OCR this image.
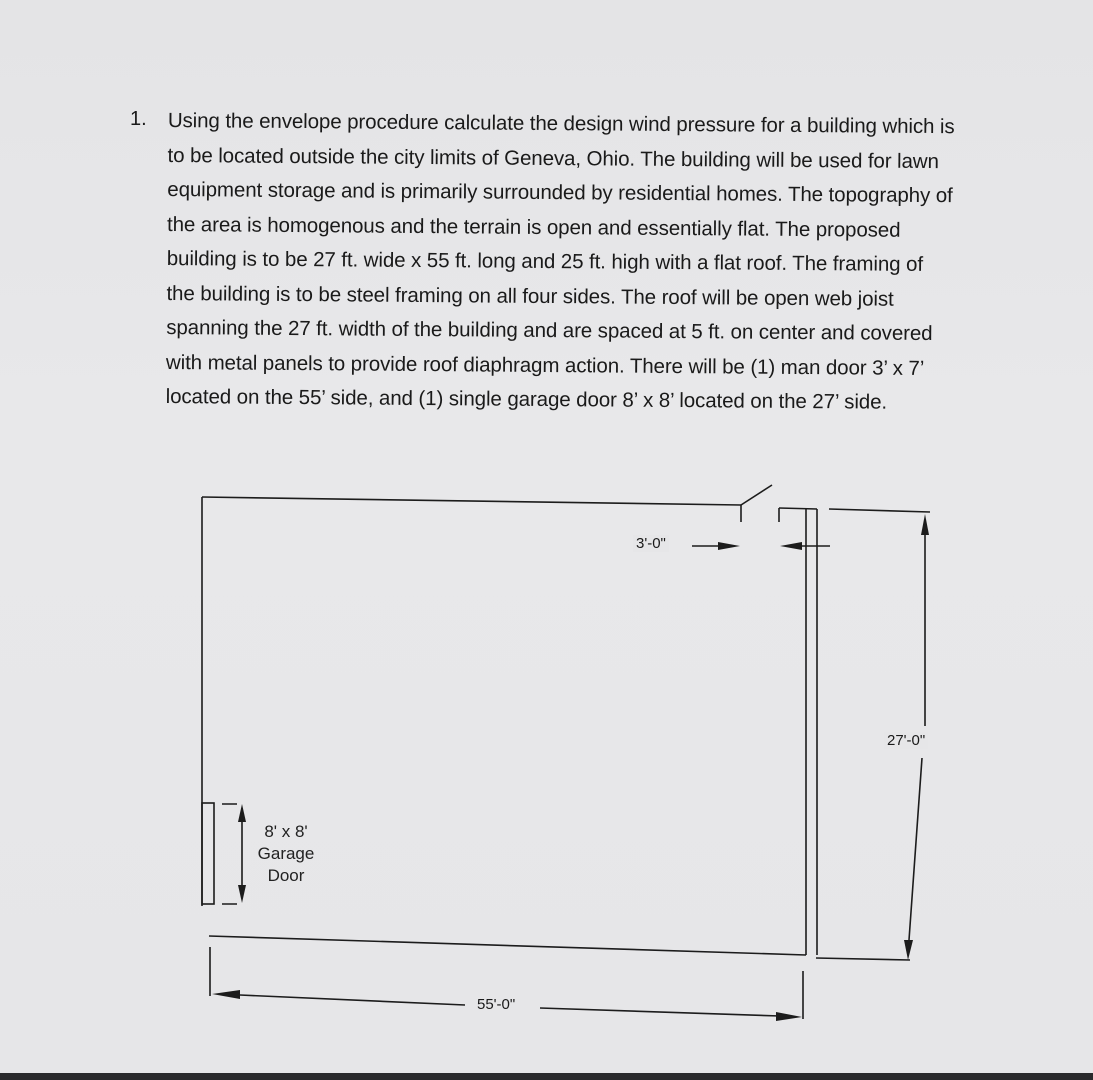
1. Using the envelope procedure calculate the design wind pressure for a building which is
to be located outside the city limits of Geneva, Ohio. The building will be used for lawn
equipment storage and is primarily surrounded by residential homes. The topography of
the area is homogenous and the terrain is open and essentially flat. The proposed
building is to be 27 ft. wide x 55 ft. long and 25 ft. high with a flat roof. The framing of
the building is to be steel framing on all four sides. The roof will be open web joist
spanning the 27 ft. width of the building and are spaced at 5 ft. on center and covered
with metal panels to provide roof diaphragm action. There will be (1) man door 3’ x 7’
located on the 55’ side, and (1) single garage door 8’ x 8’ located on the 27’ side.
3'-0"
27'-0"
55'-0"
8' x 8'
Garage
Door
